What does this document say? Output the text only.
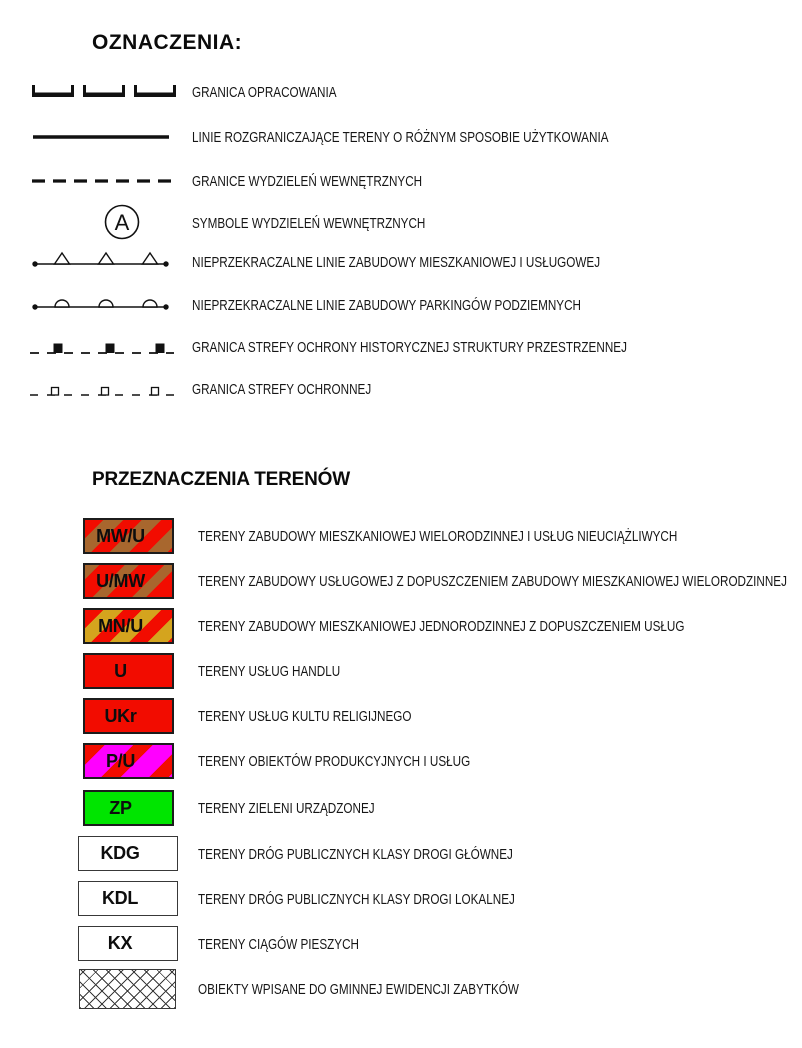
OZNACZENIA:
GRANICA OPRACOWANIA
LINIE ROZGRANICZAJĄCE TERENY O RÓŻNYM SPOSOBIE UŻYTKOWANIA
GRANICE WYDZIELEŃ WEWNĘTRZNYCH
A	SYMBOLE WYDZIELEŃ WEWNĘTRZNYCH
NIEPRZEKRACZALNE LINIE ZABUDOWY MIESZKANIOWEJ I USŁUGOWEJ
NIEPRZEKRACZALNE LINIE ZABUDOWY PARKINGÓW PODZIEMNYCH
GRANICA STREFY OCHRONY HISTORYCZNEJ STRUKTURY PRZESTRZENNEJ
GRANICA STREFY OCHRONNEJ
PRZEZNACZENIA TERENÓW
MW/U	TERENY ZABUDOWY MIESZKANIOWEJ WIELORODZINNEJ I USŁUG NIEUCIĄŻLIWYCH
U/MW	TERENY ZABUDOWY USŁUGOWEJ Z DOPUSZCZENIEM ZABUDOWY MIESZKANIOWEJ WIELORODZINNEJ
MN/U	TERENY ZABUDOWY MIESZKANIOWEJ JEDNORODZINNEJ Z DOPUSZCZENIEM USŁUG
U	TERENY USŁUG HANDLU
UKr	TERENY USŁUG KULTU RELIGIJNEGO
P/U	TERENY OBIEKTÓW PRODUKCYJNYCH I USŁUG
ZP	TERENY ZIELENI URZĄDZONEJ
KDG	TERENY DRÓG PUBLICZNYCH KLASY DROGI GŁÓWNEJ
KDL	TERENY DRÓG PUBLICZNYCH KLASY DROGI LOKALNEJ
KX	TERENY CIĄGÓW PIESZYCH
OBIEKTY WPISANE DO GMINNEJ EWIDENCJI ZABYTKÓW
